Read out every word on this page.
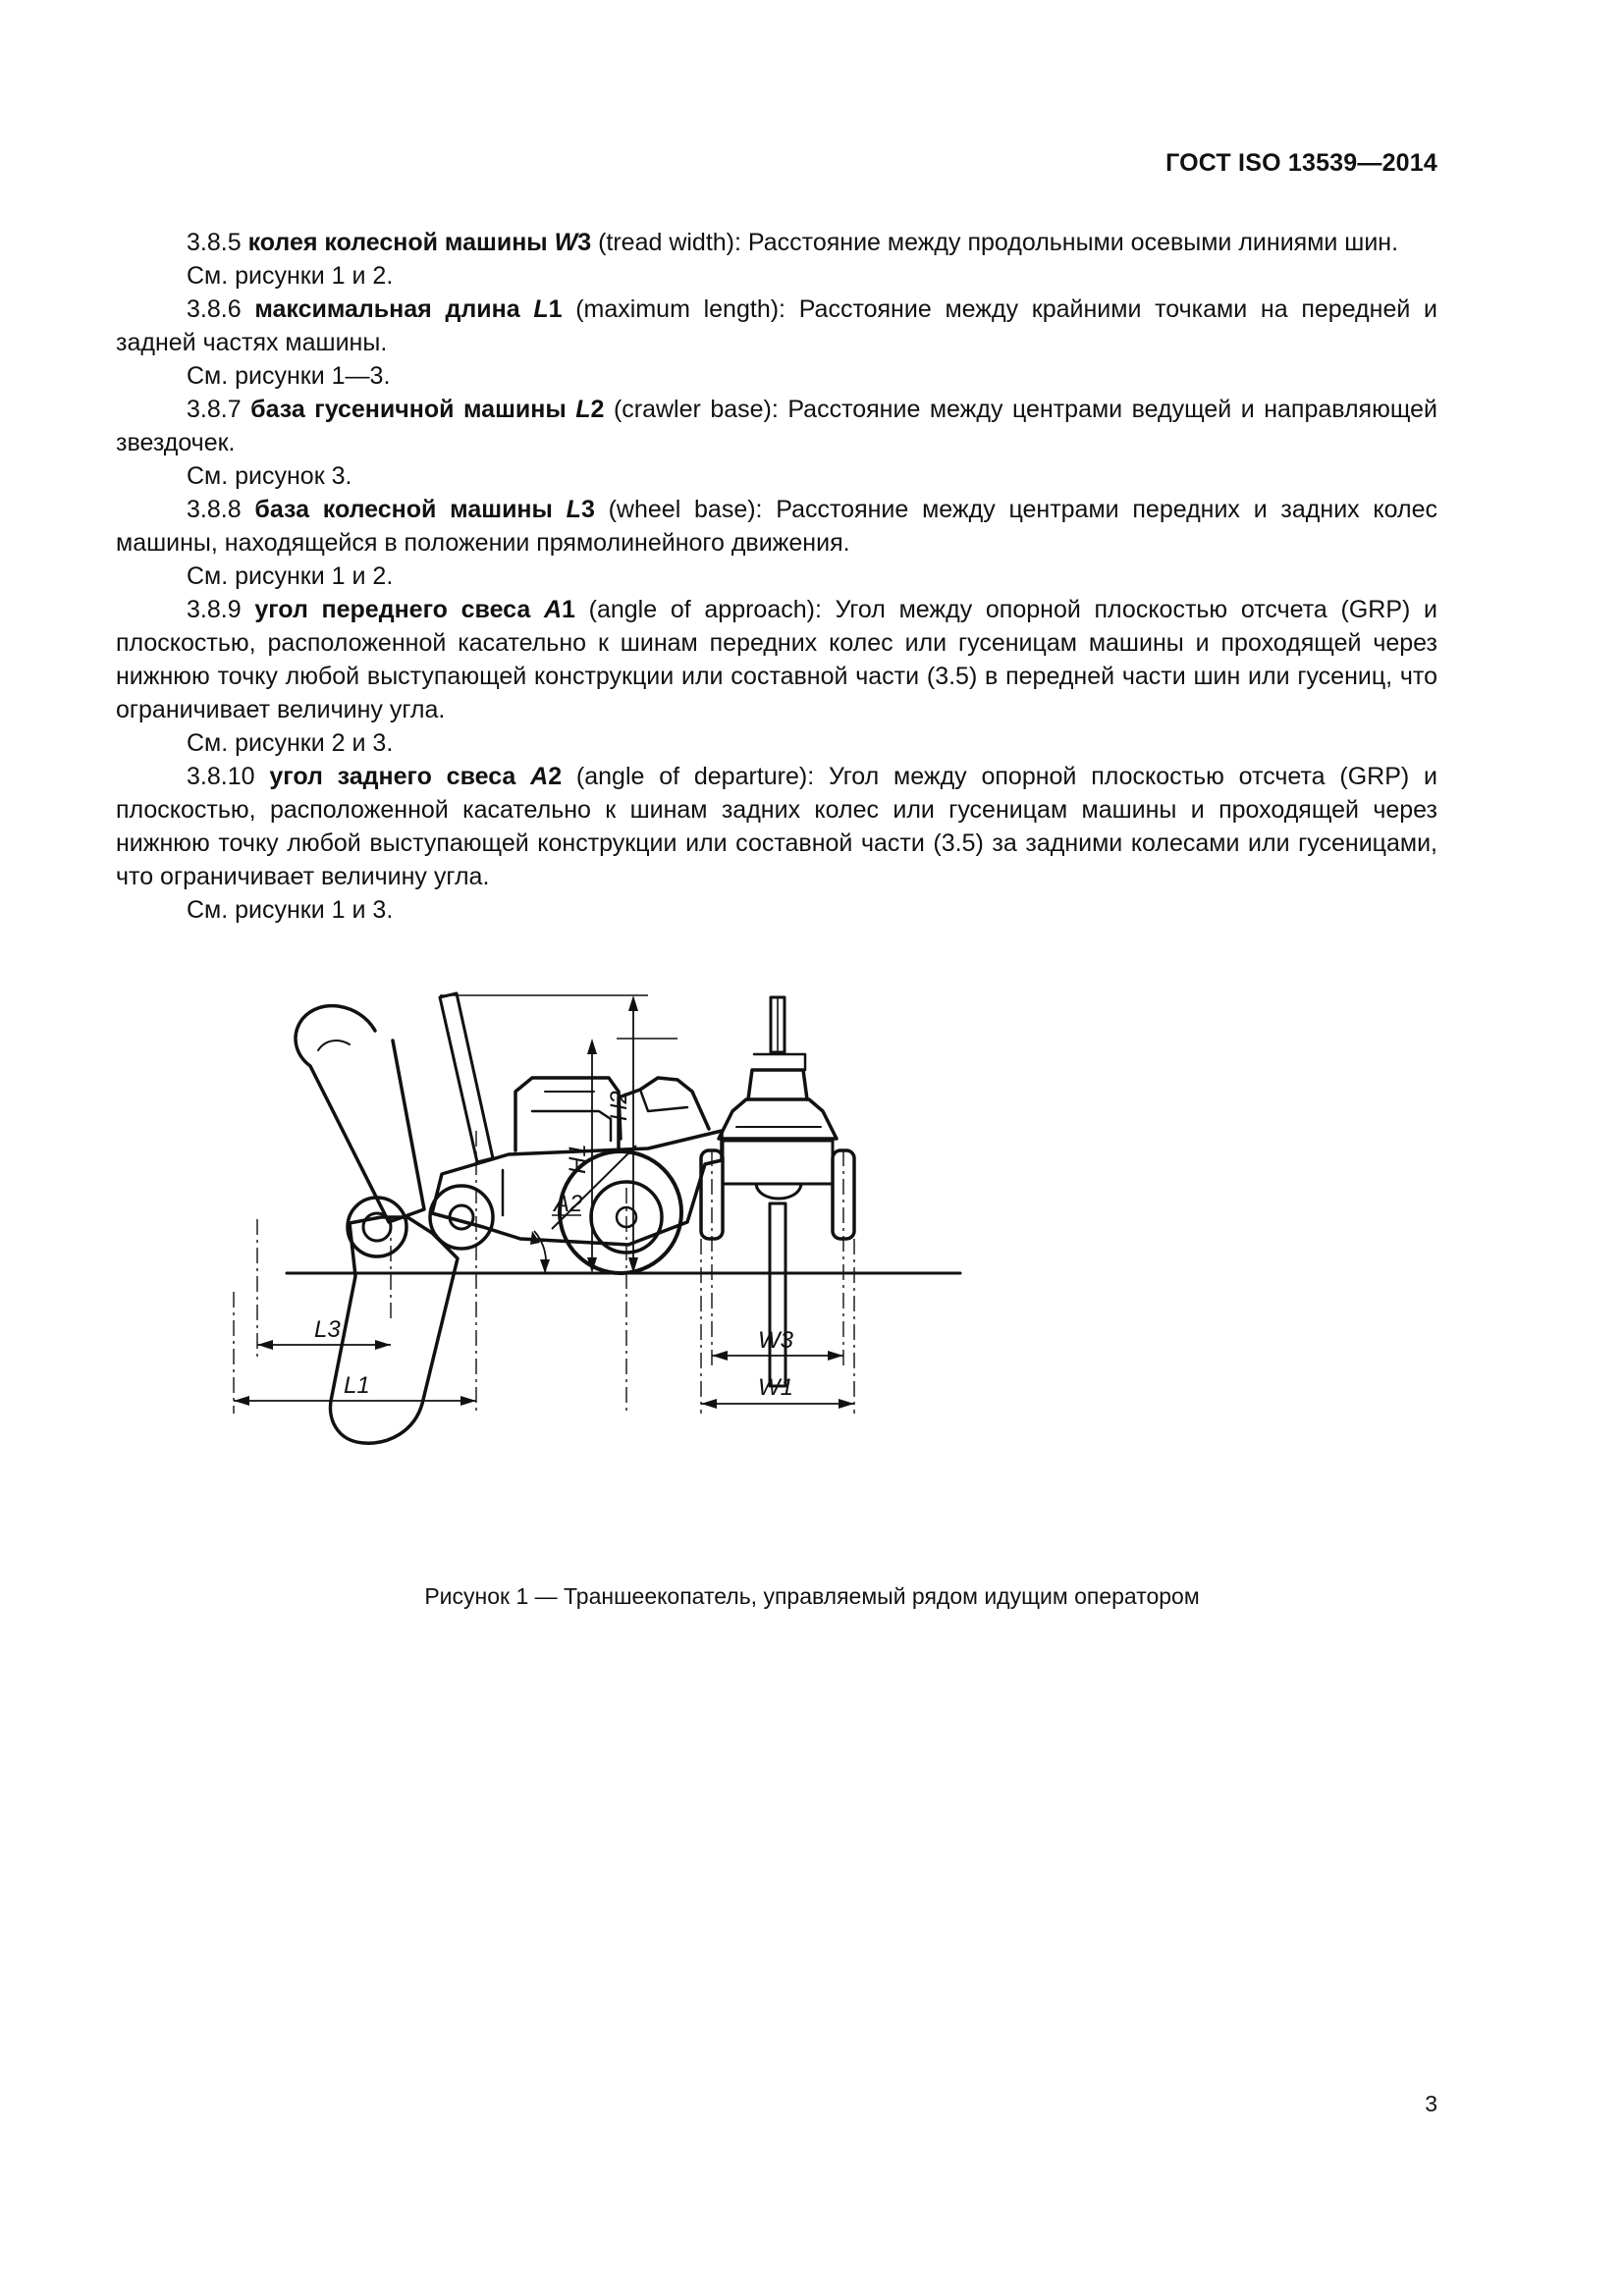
ГОСТ ISO 13539—2014

3.8.5 колея колесной машины W3 (tread width): Расстояние между продольными осевыми линиями шин.

См. рисунки 1 и 2.

3.8.6 максимальная длина L1 (maximum length): Расстояние между крайними точками на передней и задней частях машины.

См. рисунки 1—3.

3.8.7 база гусеничной машины L2 (crawler base): Расстояние между центрами ведущей и направляющей звездочек.

См. рисунок 3.

3.8.8 база колесной машины L3 (wheel base): Расстояние между центрами передних и задних колес машины, находящейся в положении прямолинейного движения.

См. рисунки 1 и 2.

3.8.9 угол переднего свеса A1 (angle of approach): Угол между опорной плоскостью отсчета (GRP) и плоскостью, расположенной касательно к шинам передних колес или гусеницам машины и проходящей через нижнюю точку любой выступающей конструкции или составной части (3.5) в передней части шин или гусениц, что ограничивает величину угла.

См. рисунки 2 и 3.

3.8.10 угол заднего свеса A2 (angle of departure): Угол между опорной плоскостью отсчета (GRP) и плоскостью, расположенной касательно к шинам задних колес или гусеницам машины и проходящей через нижнюю точку любой выступающей конструкции или составной части (3.5) за задними колесами или гусеницами, что ограничивает величину угла.

См. рисунки 1 и 3.

H1
H2
A2
L3
L1
W3
W1
Рисунок 1 — Траншеекопатель, управляемый рядом идущим оператором
3
